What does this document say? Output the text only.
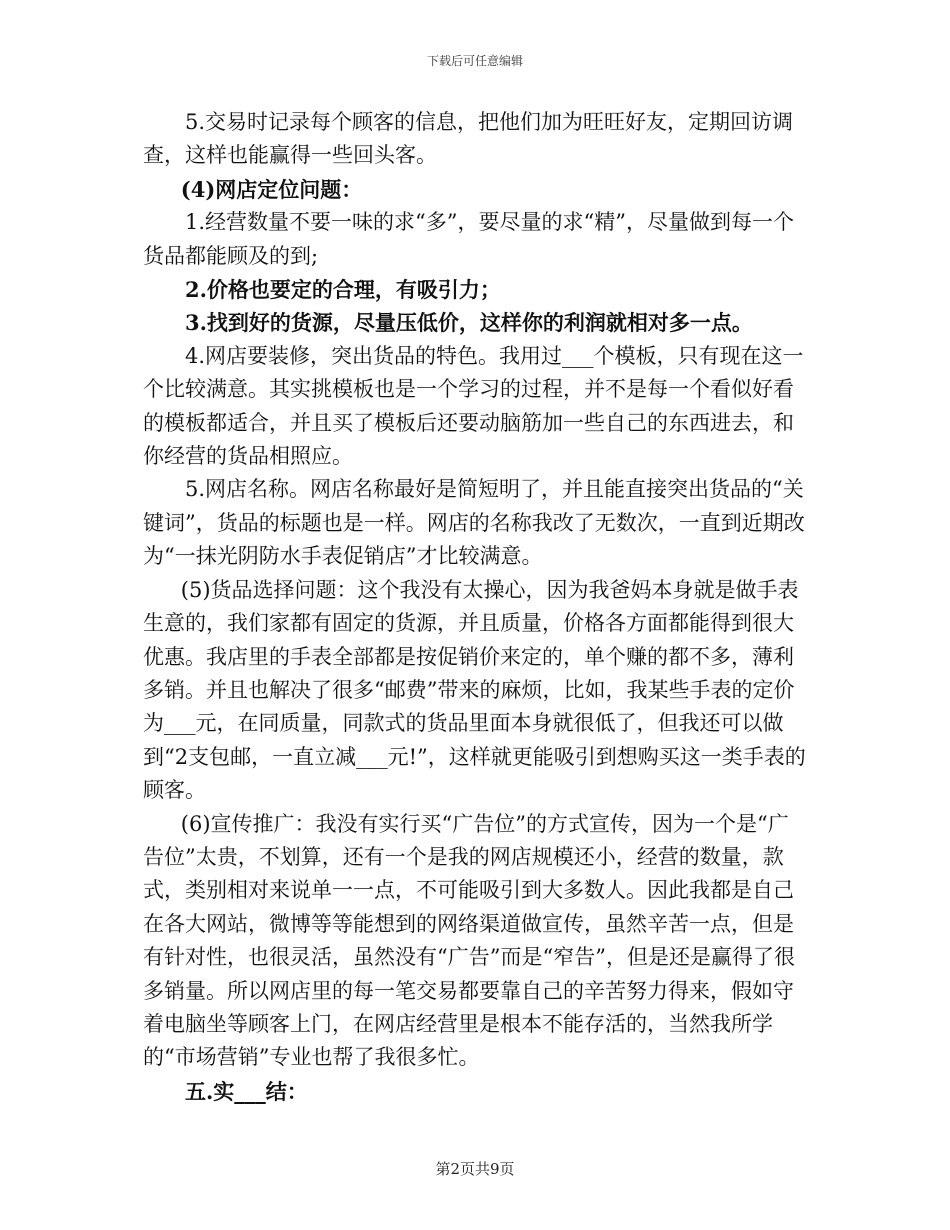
下载后可任意编辑

5.交易时记录每个顾客的信息，把他们加为旺旺好友，定期回访调查，这样也能赢得一些回头客。

(4)网店定位问题：

1.经营数量不要一味的求“多”，要尽量的求“精”，尽量做到每一个货品都能顾及的到;

2.价格也要定的合理，有吸引力；

3.找到好的货源，尽量压低价，这样你的利润就相对多一点。

4.网店要装修，突出货品的特色。我用过___个模板，只有现在这一个比较满意。其实挑模板也是一个学习的过程，并不是每一个看似好看的模板都适合，并且买了模板后还要动脑筋加一些自己的东西进去，和你经营的货品相照应。

5.网店名称。网店名称最好是简短明了，并且能直接突出货品的“关键词”，货品的标题也是一样。网店的名称我改了无数次，一直到近期改为“一抹光阴防水手表促销店”才比较满意。

(5)货品选择问题：这个我没有太操心，因为我爸妈本身就是做手表生意的，我们家都有固定的货源，并且质量，价格各方面都能得到很大优惠。我店里的手表全部都是按促销价来定的，单个赚的都不多，薄利多销。并且也解决了很多“邮费”带来的麻烦，比如，我某些手表的定价为___元，在同质量，同款式的货品里面本身就很低了，但我还可以做到“2支包邮，一直立减___元!”，这样就更能吸引到想购买这一类手表的顾客。

(6)宣传推广：我没有实行买“广告位”的方式宣传，因为一个是“广告位”太贵，不划算，还有一个是我的网店规模还小，经营的数量，款式，类别相对来说单一一点，不可能吸引到大多数人。因此我都是自己在各大网站，微博等等能想到的网络渠道做宣传，虽然辛苦一点，但是有针对性，也很灵活，虽然没有“广告”而是“窄告”，但是还是赢得了很多销量。所以网店里的每一笔交易都要靠自己的辛苦努力得来，假如守着电脑坐等顾客上门，在网店经营里是根本不能存活的，当然我所学的“市场营销”专业也帮了我很多忙。

五.实___结：

第2页共9页
